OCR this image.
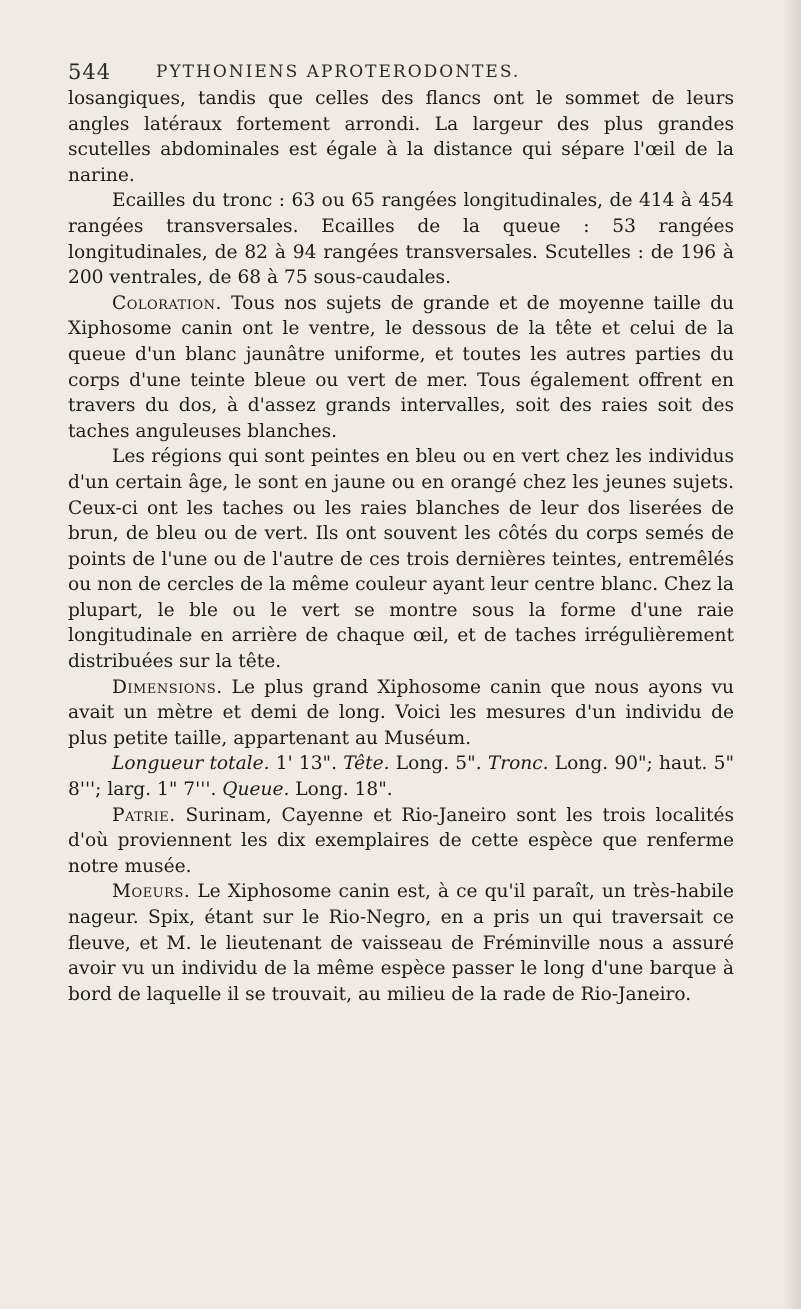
544	PYTHONIENS APROTERODONTES.

losangiques, tandis que celles des flancs ont le sommet de leurs angles latéraux fortement arrondi. La largeur des plus grandes scutelles abdominales est égale à la distance qui sépare l'œil de la narine.

Ecailles du tronc : 63 ou 65 rangées longitudinales, de 414 à 454 rangées transversales. Ecailles de la queue : 53 rangées longitudinales, de 82 à 94 rangées transversales. Scutelles : de 196 à 200 ventrales, de 68 à 75 sous-caudales.

Coloration. Tous nos sujets de grande et de moyenne taille du Xiphosome canin ont le ventre, le dessous de la tête et celui de la queue d'un blanc jaunâtre uniforme, et toutes les autres parties du corps d'une teinte bleue ou vert de mer. Tous également offrent en travers du dos, à d'assez grands intervalles, soit des raies soit des taches anguleuses blanches.

Les régions qui sont peintes en bleu ou en vert chez les individus d'un certain âge, le sont en jaune ou en orangé chez les jeunes sujets. Ceux-ci ont les taches ou les raies blanches de leur dos liserées de brun, de bleu ou de vert. Ils ont souvent les côtés du corps semés de points de l'une ou de l'autre de ces trois dernières teintes, entremêlés ou non de cercles de la même couleur ayant leur centre blanc. Chez la plupart, le ble ou le vert se montre sous la forme d'une raie longitudinale en arrière de chaque œil, et de taches irrégulièrement distribuées sur la tête.

Dimensions. Le plus grand Xiphosome canin que nous ayons vu avait un mètre et demi de long. Voici les mesures d'un individu de plus petite taille, appartenant au Muséum.

Longueur totale. 1' 13". Tête. Long. 5". Tronc. Long. 90"; haut. 5" 8'''; larg. 1" 7'''. Queue. Long. 18".

Patrie. Surinam, Cayenne et Rio-Janeiro sont les trois localités d'où proviennent les dix exemplaires de cette espèce que renferme notre musée.

Moeurs. Le Xiphosome canin est, à ce qu'il paraît, un très-habile nageur. Spix, étant sur le Rio-Negro, en a pris un qui traversait ce fleuve, et M. le lieutenant de vaisseau de Fréminville nous a assuré avoir vu un individu de la même espèce passer le long d'une barque à bord de laquelle il se trouvait, au milieu de la rade de Rio-Janeiro.
